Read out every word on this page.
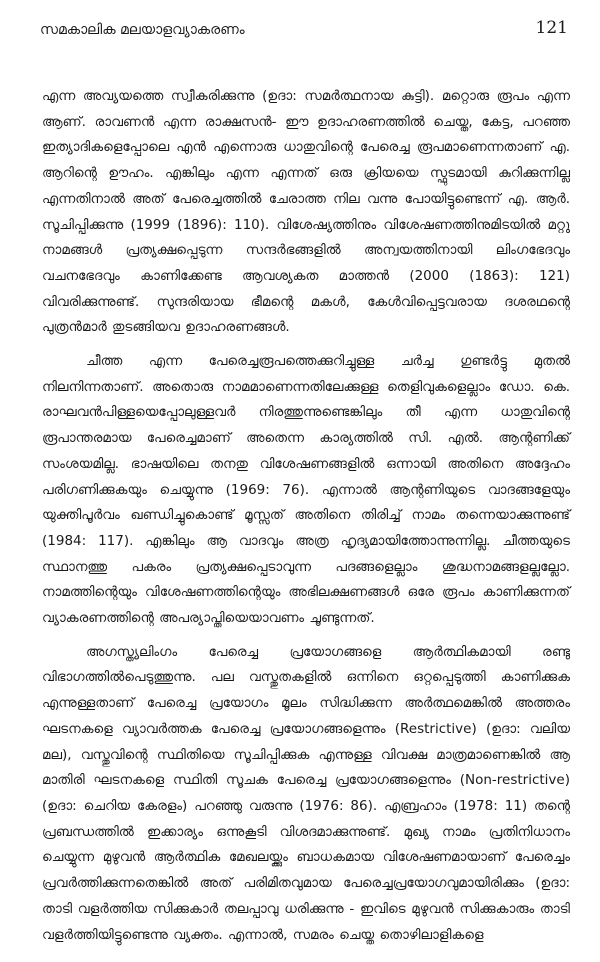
സമകാലിക മലയാളവ്യാകരണം	121

എന്ന അവ്യയത്തെ സ്വീകരിക്കുന്നു (ഉദാ: സമർത്ഥനായ കുട്ടി). മറ്റൊരു രൂപം എന്ന ആണ്. രാവണൻ എന്ന രാക്ഷസൻ- ഈ ഉദാഹരണത്തിൽ ചെയ്ത, കേട്ട, പറഞ്ഞ ഇത്യാദികളെപ്പോലെ എൻ എന്നൊരു ധാതുവിന്റെ പേരെച്ച രൂപമാണെന്നതാണ് എ. ആറിന്റെ ഊഹം. എങ്കിലും എന്ന എന്നത് ഒരു ക്രിയയെ സ്ഫുടമായി കുറിക്കുന്നില്ല എന്നതിനാൽ അത് പേരെച്ചത്തിൽ ചേരാത്ത നില വന്നു പോയിട്ടുണ്ടെന്ന് എ. ആർ. സൂചിപ്പിക്കുന്നു (1999 (1896): 110). വിശേഷ്യത്തിനും വിശേഷണത്തിനുമിടയിൽ മറ്റു നാമങ്ങൾ പ്രത്യക്ഷപ്പെടുന്ന സന്ദർഭങ്ങളിൽ അന്വയത്തിനായി ലിംഗഭേദവും വചനഭേദവും കാണിക്കേണ്ട ആവശ്യകത മാത്തൻ (2000 (1863): 121) വിവരിക്കുന്നുണ്ട്. സുന്ദരിയായ ഭീമന്റെ മകൾ, കേൾവിപ്പെട്ടവരായ ദശരഥന്റെ പുത്രൻമാർ തുടങ്ങിയവ ഉദാഹരണങ്ങൾ.

ചീത്ത എന്ന പേരെച്ചരൂപത്തെക്കുറിച്ചുള്ള ചർച്ച ഗുണ്ടർട്ടു മുതൽ നിലനിന്നതാണ്. അതൊരു നാമമാണെന്നതിലേക്കുള്ള തെളിവുകളെല്ലാം ഡോ. കെ. രാഘവൻപിള്ളയെപ്പോലുള്ളവർ നിരത്തുന്നുണ്ടെങ്കിലും തീ എന്ന ധാതുവിന്റെ രൂപാന്തരമായ പേരെച്ചമാണ് അതെന്ന കാര്യത്തിൽ സി. എൽ. ആന്റണിക്ക് സംശയമില്ല. ഭാഷയിലെ തനതു വിശേഷണങ്ങളിൽ ഒന്നായി അതിനെ അദ്ദേഹം പരിഗണിക്കുകയും ചെയ്യുന്നു (1969: 76). എന്നാൽ ആന്റണിയുടെ വാദങ്ങളേയും യുക്തിപൂർവം ഖണ്ഡിച്ചുകൊണ്ട് മൂസ്സത് അതിനെ തിരിച്ച് നാമം തന്നെയാക്കുന്നുണ്ട് (1984: 117). എങ്കിലും ആ വാദവും അത്ര ഹൃദ്യമായിത്തോന്നുന്നില്ല. ചീത്തയുടെ സ്ഥാനത്തു പകരം പ്രത്യക്ഷപ്പെടാവുന്ന പദങ്ങളെല്ലാം ശുദ്ധനാമങ്ങളല്ലല്ലോ. നാമത്തിന്റെയും വിശേഷണത്തിന്റെയും അഭിലക്ഷണങ്ങൾ ഒരേ രൂപം കാണിക്കുന്നത് വ്യാകരണത്തിന്റെ അപര്യാപ്തിയെയാവണം ചൂണ്ടുന്നത്.

അഗസ്ത്യലിംഗം പേരെച്ച പ്രയോഗങ്ങളെ ആർത്ഥികമായി രണ്ടു വിഭാഗത്തിൽപെടുത്തുന്നു. പല വസ്തുതകളിൽ ഒന്നിനെ ഒറ്റപ്പെടുത്തി കാണിക്കുക എന്നുള്ളതാണ് പേരെച്ച പ്രയോഗം മൂലം സിദ്ധിക്കുന്ന അർത്ഥമെങ്കിൽ അത്തരം ഘടനകളെ വ്യാവർത്തക പേരെച്ച പ്രയോഗങ്ങളെന്നും (Restrictive) (ഉദാ: വലിയ മല), വസ്തുവിന്റെ സ്ഥിതിയെ സൂചിപ്പിക്കുക എന്നുള്ള വിവക്ഷ മാത്രമാണെങ്കിൽ ആ മാതിരി ഘടനകളെ സ്ഥിതി സൂചക പേരെച്ച പ്രയോഗങ്ങളെന്നും (Non-restrictive) (ഉദാ: ചെറിയ കേരളം) പറഞ്ഞു വരുന്നു (1976: 86). എബ്രഹാം (1978: 11) തന്റെ പ്രബന്ധത്തിൽ ഇക്കാര്യം ഒന്നുകൂടി വിശദമാക്കുന്നുണ്ട്. മുഖ്യ നാമം പ്രതിനിധാനം ചെയ്യുന്ന മുഴുവൻ ആർത്ഥിക മേഖലയ്ക്കും ബാധകമായ വിശേഷണമായാണ് പേരെച്ചം പ്രവർത്തിക്കുന്നതെങ്കിൽ അത് പരിമിതവുമായ പേരെച്ചപ്രയോഗവുമായിരിക്കും (ഉദാ: താടി വളർത്തിയ സിക്കുകാർ തലപ്പാവു ധരിക്കുന്നു - ഇവിടെ മുഴുവൻ സിക്കുകാരും താടി വളർത്തിയിട്ടുണ്ടെന്നു വ്യക്തം. എന്നാൽ, സമരം ചെയ്ത തൊഴിലാളികളെ
